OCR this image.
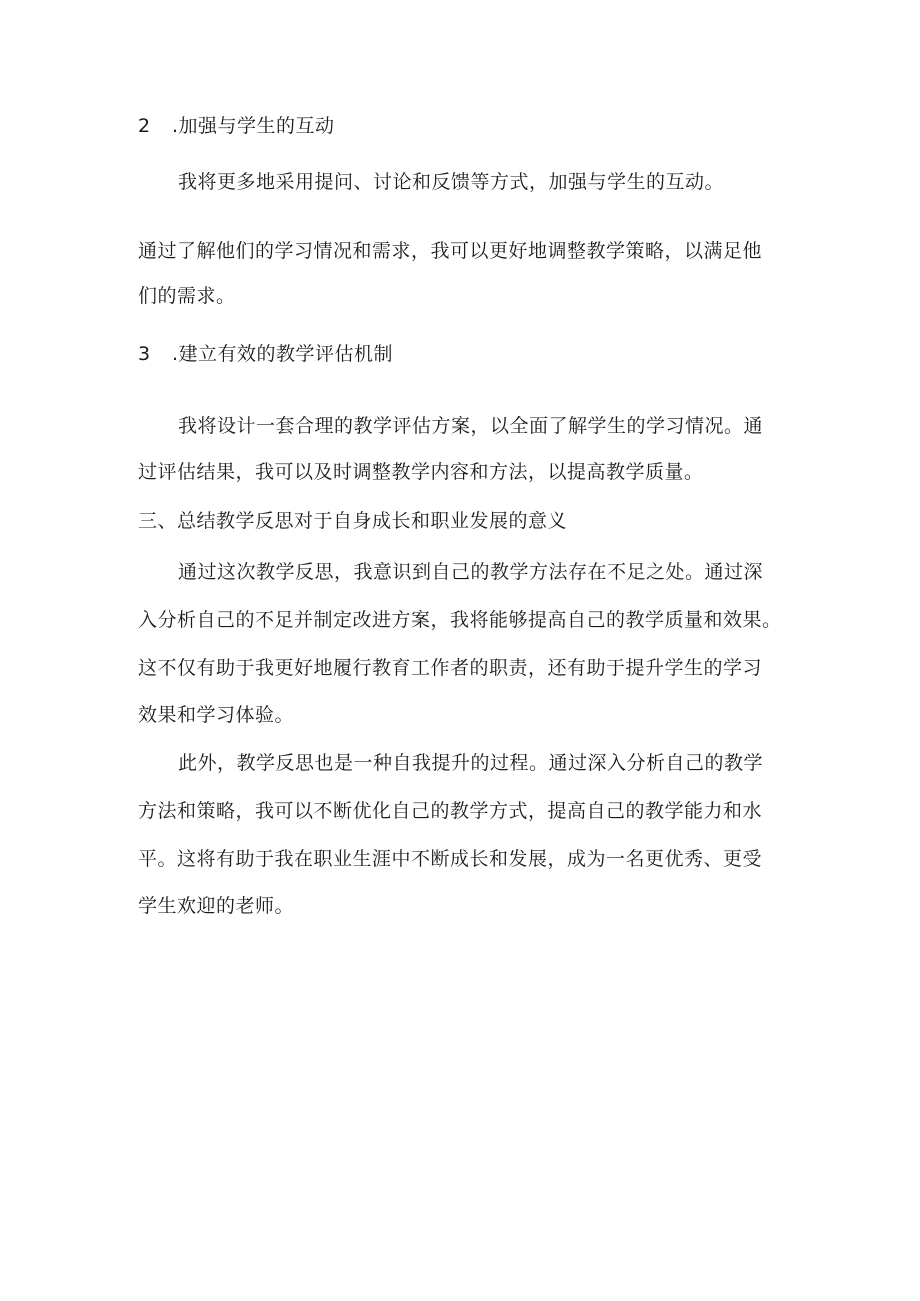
2 .加强与学生的互动
我将更多地采用提问、讨论和反馈等方式，加强与学生的互动。
通过了解他们的学习情况和需求，我可以更好地调整教学策略，以满足他
们的需求。
3 .建立有效的教学评估机制
我将设计一套合理的教学评估方案，以全面了解学生的学习情况。通
过评估结果，我可以及时调整教学内容和方法，以提高教学质量。
三、总结教学反思对于自身成长和职业发展的意义
通过这次教学反思，我意识到自己的教学方法存在不足之处。通过深
入分析自己的不足并制定改进方案，我将能够提高自己的教学质量和效果。
这不仅有助于我更好地履行教育工作者的职责，还有助于提升学生的学习
效果和学习体验。
此外，教学反思也是一种自我提升的过程。通过深入分析自己的教学
方法和策略，我可以不断优化自己的教学方式，提高自己的教学能力和水
平。这将有助于我在职业生涯中不断成长和发展，成为一名更优秀、更受
学生欢迎的老师。
